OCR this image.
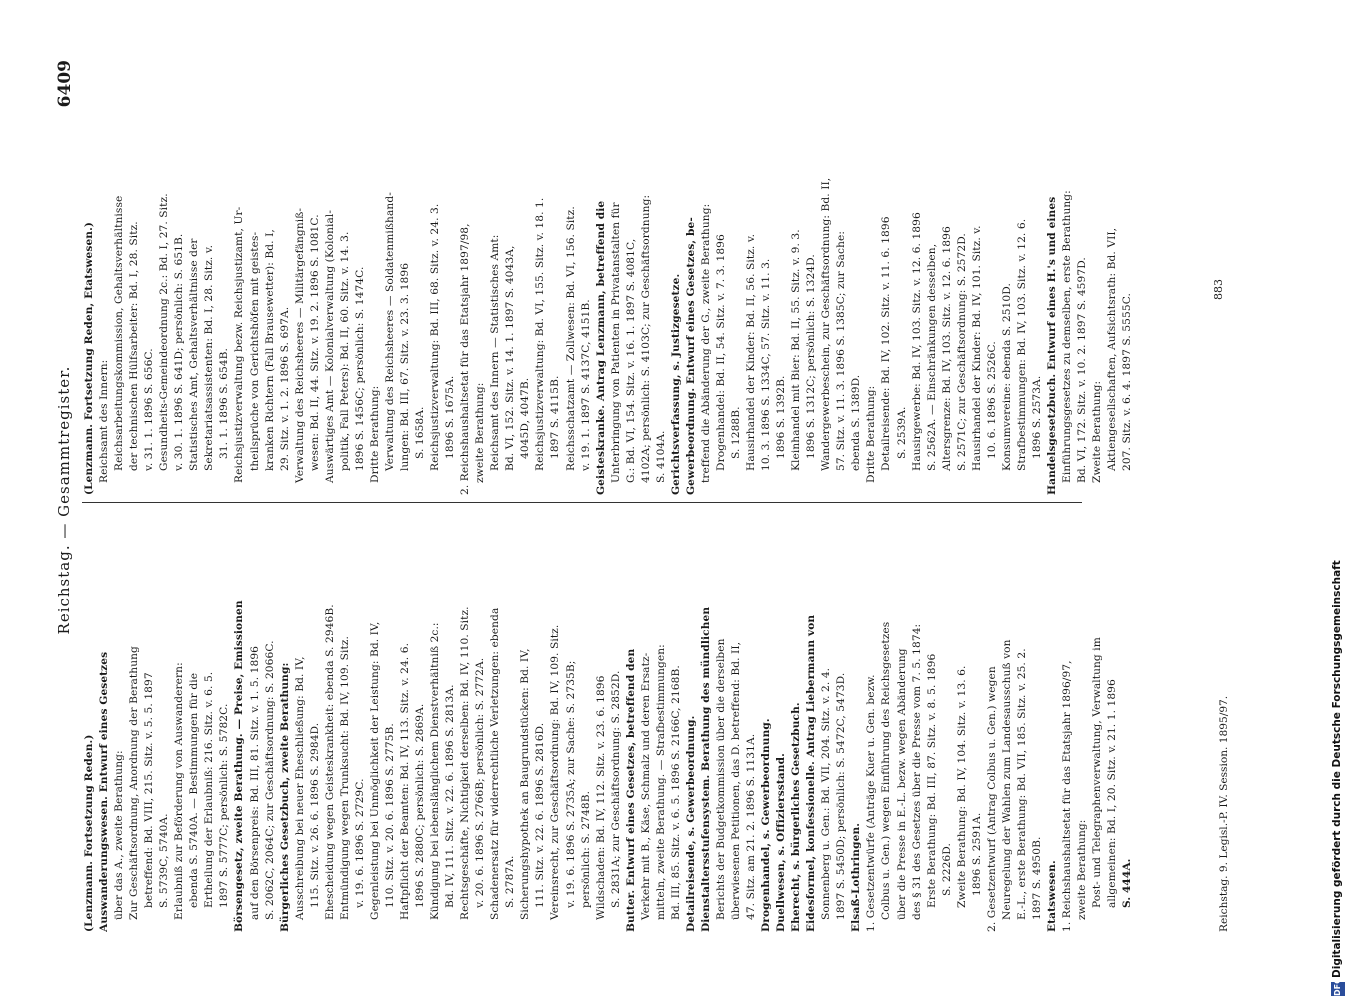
Reichstag. — Gesammtregister.
6409
(Lenzmann. Fortsetzung Reden.) Auswanderungswesen. Entwurf eines Gesetzes über das A., zweite Berathung: Zur Geschäftsordnung, Anordnung der Berathung betreffend: Bd. VIII, 215. Sitz. v. 5. 5. 1897 S. 5739C, 5740A. Erlaubniß zur Beförderung von Auswanderern: ebenda S. 5740A. — Bestimmungen für die Ertheilung der Erlaubniß: 216. Sitz. v. 6. 5. 1897 S. 5777C; persönlich: S. 5782C. Börsengesetz, zweite Berathung. — Preise, Emissionen auf den Börsenpreis: Bd. III, 81. Sitz. v. 1. 5. 1896 S. 2062C, 2064C; zur Geschäftsordnung: S. 2066C. Bürgerliches Gesetzbuch, zweite Berathung: Ausschreibung bei neuer Eheschließung: Bd. IV, 115. Sitz. v. 26. 6. 1896 S. 2984D. Ehescheidung wegen Geisteskrankheit: ebenda S. 2946B. Entmündigung wegen Trunksucht: Bd. IV, 109. Sitz. v. 19. 6. 1896 S. 2729C. Gegenleistung bei Unmöglichkeit der Leistung: Bd. IV, 110. Sitz. v. 20. 6. 1896 S. 2775B. Haftpflicht der Beamten: Bd. IV, 113. Sitz. v. 24. 6. 1896 S. 2880C; persönlich: S. 2869A. Kündigung bei lebenslänglichem Dienstverhältniß 2c.: Bd. IV, 111. Sitz. v. 22. 6. 1896 S. 2813A. Rechtsgeschäfte, Nichtigkeit derselben: Bd. IV, 110. Sitz. v. 20. 6. 1896 S. 2766B; persönlich: S. 2772A. Schadenersatz für widerrechtliche Verletzungen: ebenda S. 2787A. Sicherungshypothek an Baugrundstücken: Bd. IV, 111. Sitz. v. 22. 6. 1896 S. 2816D. Vereinsrecht, zur Geschäftsordnung: Bd. IV, 109. Sitz. v. 19. 6. 1896 S. 2735A; zur Sache: S. 2735B; persönlich: S. 2748B. Wildschaden: Bd. IV, 112. Sitz. v. 23. 6. 1896 S. 2831A; zur Geschäftsordnung: S. 2852D. Butter. Entwurf eines Gesetzes, betreffend den Verkehr mit B., Käse, Schmalz und deren Ersatz- mitteln, zweite Berathung. — Strafbestimmungen: Bd. III, 85. Sitz. v. 6. 5. 1896 S. 2166C, 2168B. Detailreisende, s. Gewerbeordnung. Dienstaltersstufensystem. Berathung des mündlichen Berichts der Budgetkommission über die derselben überwiesenen Petitionen, das D. betreffend: Bd. II, 47. Sitz. am 21. 2. 1896 S. 1131A. Drogenhandel, s. Gewerbeordnung. Duellwesen, s. Offiziersstand. Eherecht, s. bürgerliches Gesetzbuch. Eidesformel, konfessionelle. Antrag Liebermann von Sonnenberg u. Gen.: Bd. VII, 204. Sitz. v. 2. 4. 1897 S. 5450D; persönlich: S. 5472C, 5473D. Elsaß-Lothringen. 1. Gesetzentwürfe (Anträge Kuer u. Gen. bezw. Colbus u. Gen.) wegen Einführung des Reichsgesetzes über die Presse in E.-L. bezw. wegen Abänderung des § 31 des Gesetzes über die Presse vom 7. 5. 1874: Erste Berathung: Bd. III, 87. Sitz. v. 8. 5. 1896 S. 2226D. Zweite Berathung: Bd. IV, 104. Sitz. v. 13. 6. 1896 S. 2591A. 2. Gesetzentwurf (Antrag Colbus u. Gen.) wegen Neuregelung der Wahlen zum Landesausschuß von E.-L., erste Berathung: Bd. VII, 185. Sitz. v. 25. 2. 1897 S. 4950B. Etatswesen. 1. Reichshaushaltsetat für das Etatsjahr 1896/97, zweite Berathung: Post- und Telegraphenverwaltung, Verwaltung im allgemeinen: Bd. I, 20. Sitz. v. 21. 1. 1896 S. 444A.
(Lenzmann. Fortsetzung Reden, Etatswesen.) Reichsamt des Innern: Reichsarbeitungskommission, Gehaltsverhältnisse der technischen Hülfsarbeiter: Bd. I, 28. Sitz. v. 31. 1. 1896 S. 656C. Gesundheits-Gemeindeordnung 2c.: Bd. I, 27. Sitz. v. 30. 1. 1896 S. 641D; persönlich: S. 651B. Statistisches Amt, Gehaltsverhältnisse der Sekretariatsassistenten: Bd. I, 28. Sitz. v. 31. 1. 1896 S. 654B. Reichsjustizverwaltung bezw. Reichsjustizamt, Ur- theilsprüche von Gerichtshöfen mit geistes- kranken Richtern (Fall Brausewetter): Bd. I, 29. Sitz. v. 1. 2. 1896 S. 697A. Verwaltung des Reichsheeres — Militärgefängniß- wesen: Bd. II, 44. Sitz. v. 19. 2. 1896 S. 1081C. Auswärtiges Amt — Kolonialverwaltung (Kolonial- politik, Fall Peters): Bd. II, 60. Sitz. v. 14. 3. 1896 S. 1456C; persönlich: S. 1474C. Dritte Berathung: Verwaltung des Reichsheeres — Soldatenmißhand- lungen: Bd. III, 67. Sitz. v. 23. 3. 1896 S. 1658A. Reichsjustizverwaltung: Bd. III, 68. Sitz. v. 24. 3. 1896 S. 1675A. 2. Reichshaushaltsetat für das Etatsjahr 1897/98, zweite Berathung: Reichsamt des Innern — Statistisches Amt: Bd. VI, 152. Sitz. v. 14. 1. 1897 S. 4043A, 4045D, 4047B. Reichsjustizverwaltung: Bd. VI, 155. Sitz. v. 18. 1. 1897 S. 4115B. Reichsschatzamt — Zollwesen: Bd. VI, 156. Sitz. v. 19. 1. 1897 S. 4137C, 4151B. Geisteskranke. Antrag Lenzmann, betreffend die Unterbringung von Patienten in Privatanstalten für G.: Bd. VI, 154. Sitz. v. 16. 1. 1897 S. 4081C, 4102A; persönlich: S. 4103C; zur Geschäftsordnung: S. 4104A. Gerichtsverfassung, s. Justizgesetze. Gewerbeordnung. Entwurf eines Gesetzes, be- treffend die Abänderung der G., zweite Berathung: Drogenhandel: Bd. II, 54. Sitz. v. 7. 3. 1896 S. 1288B. Hausirhandel der Kinder: Bd. II, 56. Sitz. v. 10. 3. 1896 S. 1334C, 57. Sitz. v. 11. 3. 1896 S. 1392B. Kleinhandel mit Bier: Bd. II, 55. Sitz. v. 9. 3. 1896 S. 1312C; persönlich: S. 1324D. Wandergewerbeschein, zur Geschäftsordnung: Bd. II, 57. Sitz. v. 11. 3. 1896 S. 1385C; zur Sache: ebenda S. 1389D. Dritte Berathung: Detailreisende: Bd. IV, 102. Sitz. v. 11. 6. 1896 S. 2539A. Hausirgewerbe: Bd. IV, 103. Sitz. v. 12. 6. 1896 S. 2562A. — Einschränkungen desselben, Altersgrenze: Bd. IV, 103. Sitz. v. 12. 6. 1896 S. 2571C; zur Geschäftsordnung: S. 2572D. Hausirhandel der Kinder: Bd. IV, 101. Sitz. v. 10. 6. 1896 S. 2526C. Konsumvereine: ebenda S. 2510D. Strafbestimmungen: Bd. IV, 103. Sitz. v. 12. 6. 1896 S. 2573A. Handelsgesetzbuch. Entwurf eines H.'s und eines Einführungsgesetzes zu demselben, erste Berathung: Bd. VI, 172. Sitz. v. 10. 2. 1897 S. 4597D. Zweite Berathung: Aktiengesellschaften, Aufsichtsrath: Bd. VII, 207. Sitz. v. 6. 4. 1897 S. 5555C.
Reichstag. 9. Legisl.-P. IV. Session. 1895/97.
883
DFG
Digitalisierung gefördert durch die Deutsche Forschungsgemeinschaft
